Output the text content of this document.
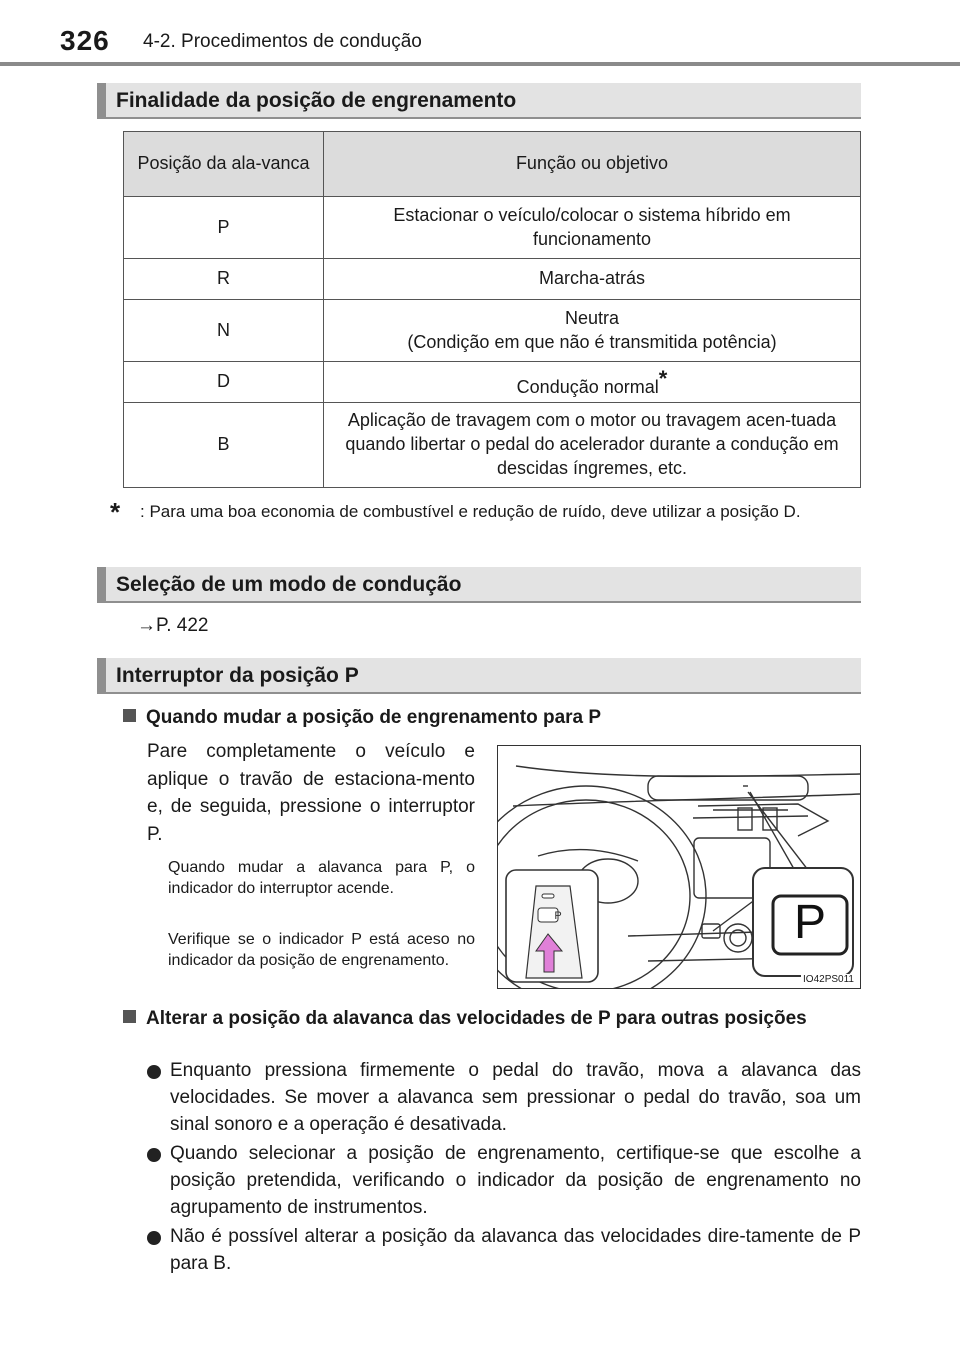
326 4-2. Procedimentos de condução
Finalidade da posição de engrenamento
Posição da ala-vanca	Função ou objetivo
P	Estacionar o veículo/colocar o sistema híbrido em funcionamento
R	Marcha-atrás
N	Neutra
(Condição em que não é transmitida potência)
D	Condução normal*
B	Aplicação de travagem com o motor ou travagem acen-tuada quando libertar o pedal do acelerador durante a condução em descidas íngremes, etc.
*	: Para uma boa economia de combustível e redução de ruído, deve utilizar a posição D.
Seleção de um modo de condução
→P. 422
Interruptor da posição P
Quando mudar a posição de engrenamento para P
Pare completamente o veículo e aplique o travão de estaciona-mento e, de seguida, pressione o interruptor P.
Quando mudar a alavanca para P, o indicador do interruptor acende.
Verifique se o indicador P está aceso no indicador da posição de engrenamento.
P
P
IO42PS011
Alterar a posição da alavanca das velocidades de P para outras posições
Enquanto pressiona firmemente o pedal do travão, mova a alavanca das velocidades. Se mover a alavanca sem pressionar o pedal do travão, soa um sinal sonoro e a operação é desativada.
Quando selecionar a posição de engrenamento, certifique-se que escolhe a posição pretendida, verificando o indicador da posição de engrenamento no agrupamento de instrumentos.
Não é possível alterar a posição da alavanca das velocidades dire-tamente de P para B.
